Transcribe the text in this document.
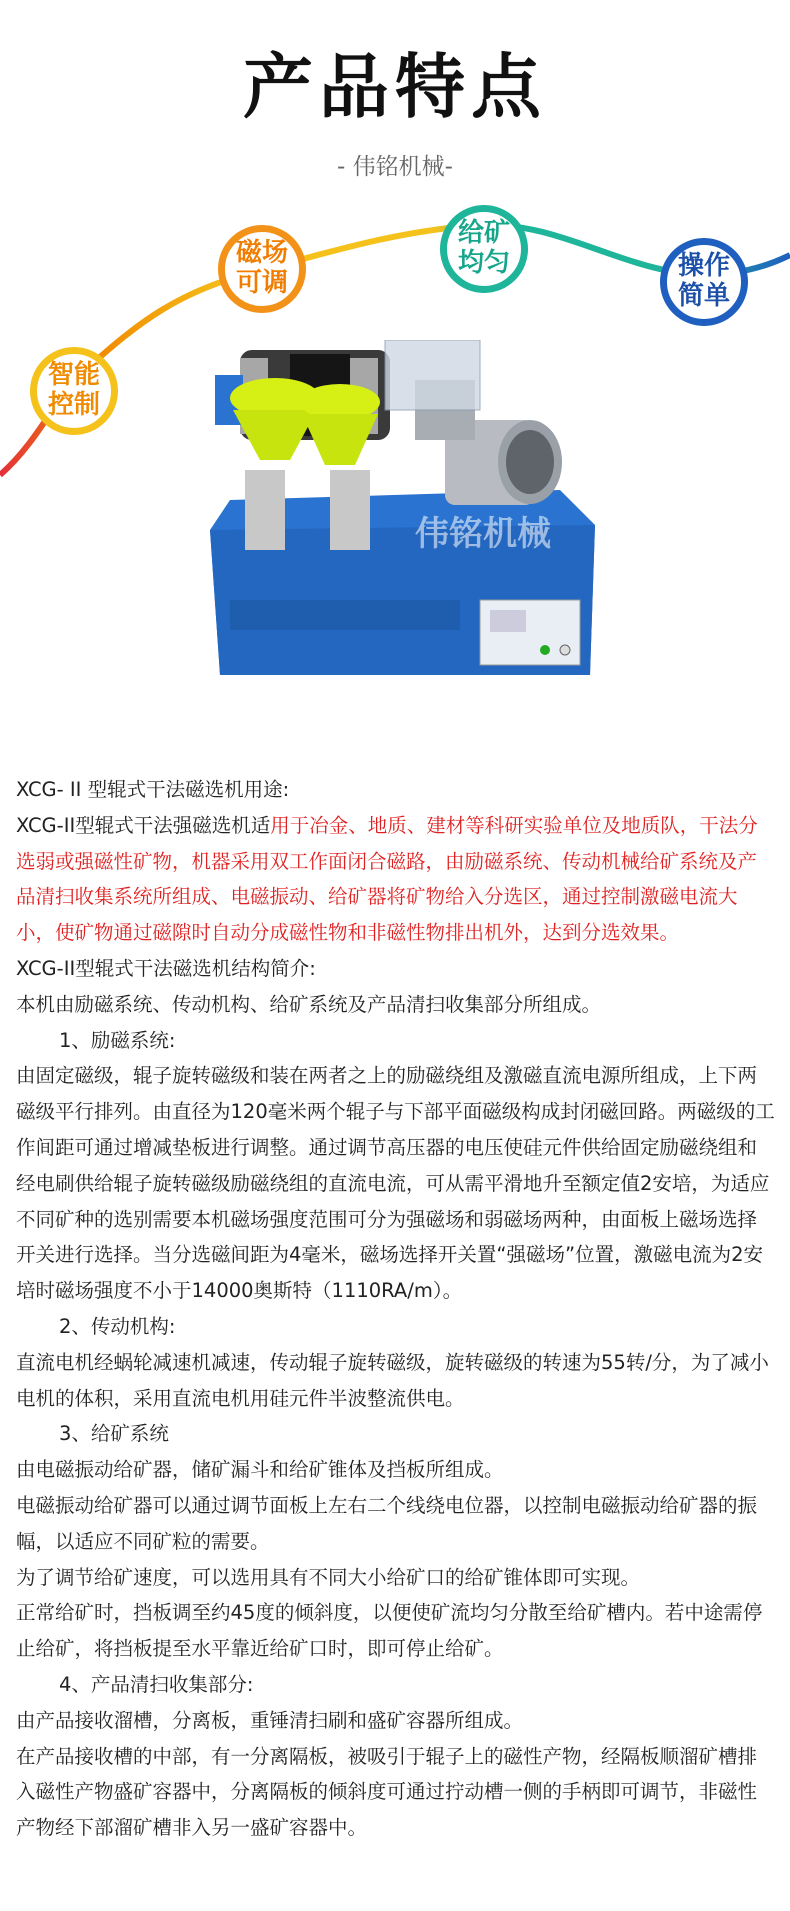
产品特点
- 伟铭机械-
智能
控制
磁场
可调
给矿
均匀	操作
简单
伟铭机械

XCG- II 型辊式干法磁选机用途:

XCG-II型辊式干法强磁选机适用于冶金、地质、建材等科研实验单位及地质队，干法分选弱或强磁性矿物，机器采用双工作面闭合磁路，由励磁系统、传动机械给矿系统及产品清扫收集系统所组成、电磁振动、给矿器将矿物给入分选区，通过控制激磁电流大小，使矿物通过磁隙时自动分成磁性物和非磁性物排出机外，达到分选效果。

XCG-II型辊式干法磁选机结构简介:

本机由励磁系统、传动机构、给矿系统及产品清扫收集部分所组成。

1、励磁系统:

由固定磁级，辊子旋转磁级和装在两者之上的励磁绕组及激磁直流电源所组成，上下两磁级平行排列。由直径为120毫米两个辊子与下部平面磁级构成封闭磁回路。两磁级的工作间距可通过增减垫板进行调整。通过调节高压器的电压使硅元件供给固定励磁绕组和经电刷供给辊子旋转磁级励磁绕组的直流电流，可从需平滑地升至额定值2安培，为适应不同矿种的选别需要本机磁场强度范围可分为强磁场和弱磁场两种，由面板上磁场选择开关进行选择。当分选磁间距为4毫米，磁场选择开关置“强磁场”位置，激磁电流为2安培时磁场强度不小于14000奥斯特（1110RA/m）。

2、传动机构:

直流电机经蜗轮减速机减速，传动辊子旋转磁级，旋转磁级的转速为55转/分，为了减小电机的体积，采用直流电机用硅元件半波整流供电。

3、给矿系统

由电磁振动给矿器，储矿漏斗和给矿锥体及挡板所组成。

电磁振动给矿器可以通过调节面板上左右二个线绕电位器，以控制电磁振动给矿器的振幅，以适应不同矿粒的需要。

为了调节给矿速度，可以选用具有不同大小给矿口的给矿锥体即可实现。

正常给矿时，挡板调至约45度的倾斜度，以便使矿流均匀分散至给矿槽内。若中途需停止给矿，将挡板提至水平靠近给矿口时，即可停止给矿。

4、产品清扫收集部分:

由产品接收溜槽，分离板，重锤清扫刷和盛矿容器所组成。

在产品接收槽的中部，有一分离隔板，被吸引于辊子上的磁性产物，经隔板顺溜矿槽排入磁性产物盛矿容器中，分离隔板的倾斜度可通过拧动槽一侧的手柄即可调节，非磁性产物经下部溜矿槽非入另一盛矿容器中。
